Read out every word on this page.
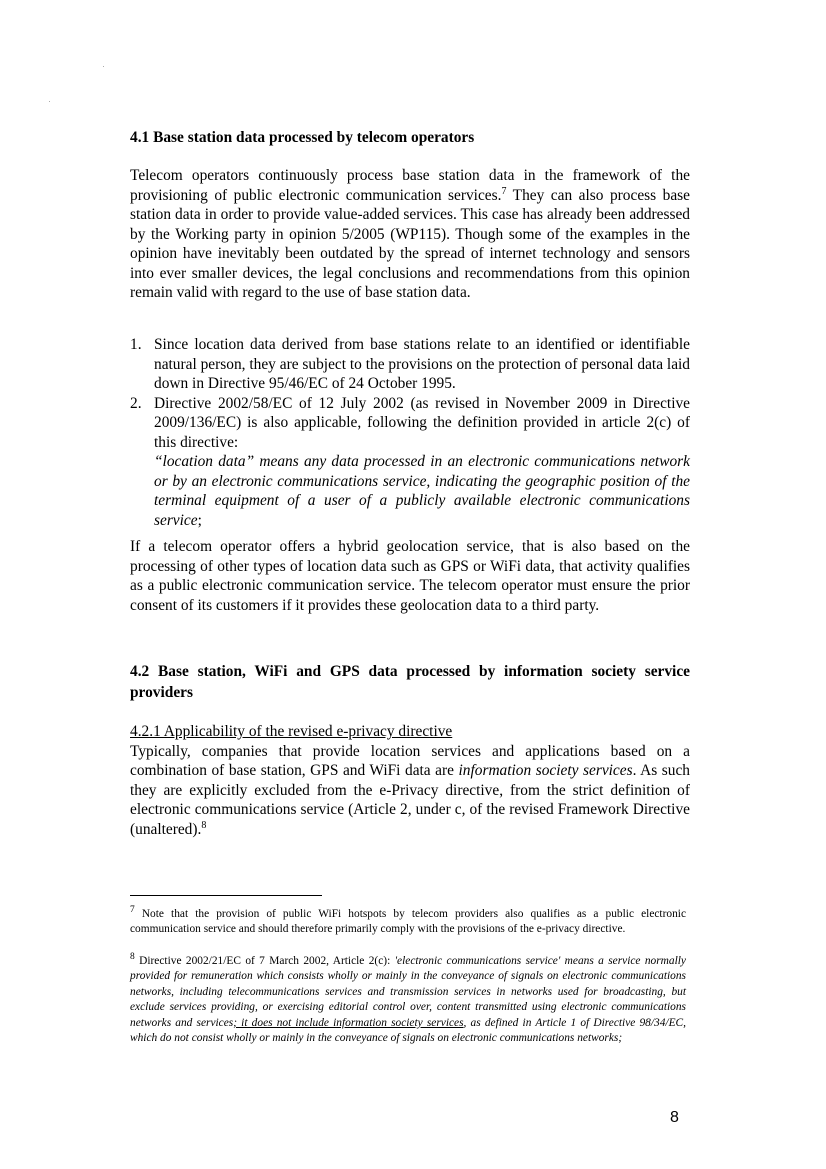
4.1 Base station data processed by telecom operators

Telecom operators continuously process base station data in the framework of the provisioning of public electronic communication services.$^7$ They can also process base station data in order to provide value-added services. This case has already been addressed by the Working party in opinion 5/2005 (WP115). Though some of the examples in the opinion have inevitably been outdated by the spread of internet technology and sensors into ever smaller devices, the legal conclusions and recommendations from this opinion remain valid with regard to the use of base station data.

1. Since location data derived from base stations relate to an identified or identifiable natural person, they are subject to the provisions on the protection of personal data laid down in Directive 95/46/EC of 24 October 1995.
2. Directive 2002/58/EC of 12 July 2002 (as revised in November 2009 in Directive 2009/136/EC) is also applicable, following the definition provided in article 2(c) of this directive:
“location data” means any data processed in an electronic communications network or by an electronic communications service, indicating the geographic position of the terminal equipment of a user of a publicly available electronic communications service;

If a telecom operator offers a hybrid geolocation service, that is also based on the processing of other types of location data such as GPS or WiFi data, that activity qualifies as a public electronic communication service. The telecom operator must ensure the prior consent of its customers if it provides these geolocation data to a third party.

4.2 Base station, WiFi and GPS data processed by information society service providers

4.2.1 Applicability of the revised e-privacy directive
Typically, companies that provide location services and applications based on a combination of base station, GPS and WiFi data are information society services. As such they are explicitly excluded from the e-Privacy directive, from the strict definition of electronic communications service (Article 2, under c, of the revised Framework Directive (unaltered).$^8$

$^7$ Note that the provision of public WiFi hotspots by telecom providers also qualifies as a public electronic communication service and should therefore primarily comply with the provisions of the e-privacy directive.
$^8$ Directive 2002/21/EC of 7 March 2002, Article 2(c): 'electronic communications service' means a service normally provided for remuneration which consists wholly or mainly in the conveyance of signals on electronic communications networks, including telecommunications services and transmission services in networks used for broadcasting, but exclude services providing, or exercising editorial control over, content transmitted using electronic communications networks and services; it does not include information society services, as defined in Article 1 of Directive 98/34/EC, which do not consist wholly or mainly in the conveyance of signals on electronic communications networks;
8
